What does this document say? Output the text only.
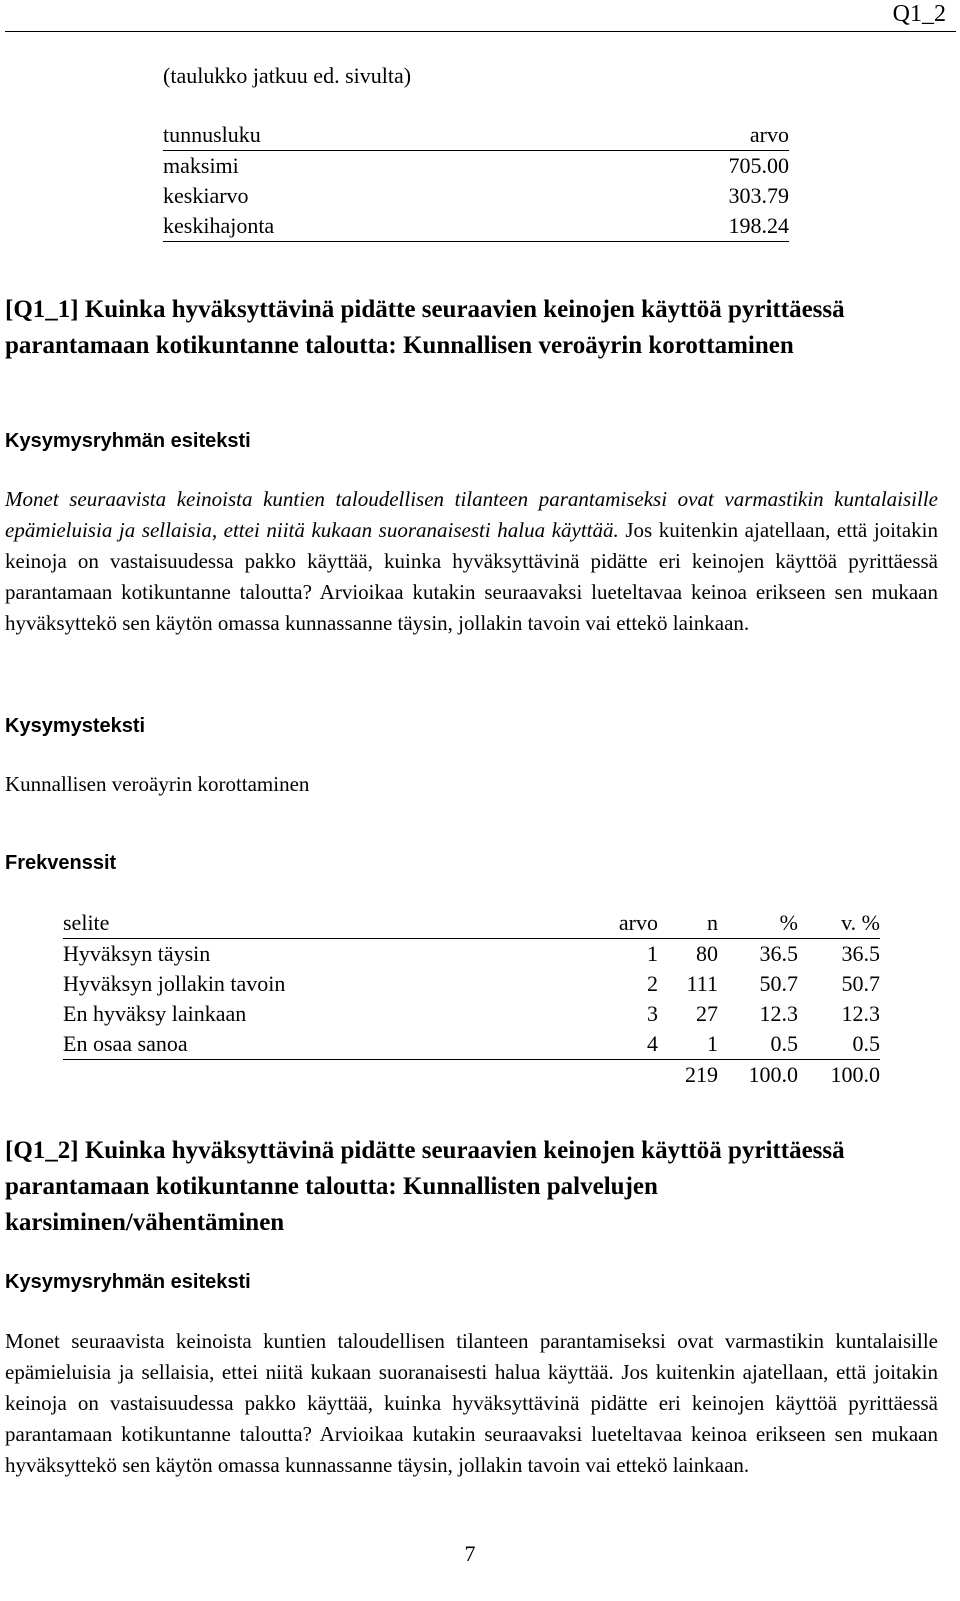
Q1_2
(taulukko jatkuu ed. sivulta)
tunnusluku	arvo
maksimi	705.00
keskiarvo	303.79
keskihajonta	198.24
[Q1_1] Kuinka hyväksyttävinä pidätte seuraavien keinojen käyttöä pyrittäessä parantamaan kotikuntanne taloutta: Kunnallisen veroäyrin korottaminen
Kysymysryhmän esiteksti

Monet seuraavista keinoista kuntien taloudellisen tilanteen parantamiseksi ovat varmastikin kuntalaisille epämieluisia ja sellaisia, ettei niitä kukaan suoranaisesti halua käyttää. Jos kuitenkin ajatellaan, että joitakin keinoja on vastaisuudessa pakko käyttää, kuinka hyväksyttävinä pidätte eri keinojen käyttöä pyrittäessä parantamaan kotikuntanne taloutta? Arvioikaa kutakin seuraavaksi lueteltavaa keinoa erikseen sen mukaan hyväksyttekö sen käytön omassa kunnassanne täysin, jollakin tavoin vai ettekö lainkaan.

Kysymysteksti

Kunnallisen veroäyrin korottaminen

Frekvenssit
selite	arvo	n	%	v. %
Hyväksyn täysin	1	80	36.5	36.5
Hyväksyn jollakin tavoin	2	111	50.7	50.7
En hyväksy lainkaan	3	27	12.3	12.3
En osaa sanoa	4	1	0.5	0.5
		219	100.0	100.0
[Q1_2] Kuinka hyväksyttävinä pidätte seuraavien keinojen käyttöä pyrittäessä parantamaan kotikuntanne taloutta: Kunnallisten palvelujen karsiminen/vähentäminen
Kysymysryhmän esiteksti

Monet seuraavista keinoista kuntien taloudellisen tilanteen parantamiseksi ovat varmastikin kuntalaisille epämieluisia ja sellaisia, ettei niitä kukaan suoranaisesti halua käyttää. Jos kuitenkin ajatellaan, että joitakin keinoja on vastaisuudessa pakko käyttää, kuinka hyväksyttävinä pidätte eri keinojen käyttöä pyrittäessä parantamaan kotikuntanne taloutta? Arvioikaa kutakin seuraavaksi lueteltavaa keinoa erikseen sen mukaan hyväksyttekö sen käytön omassa kunnassanne täysin, jollakin tavoin vai ettekö lainkaan.

7
